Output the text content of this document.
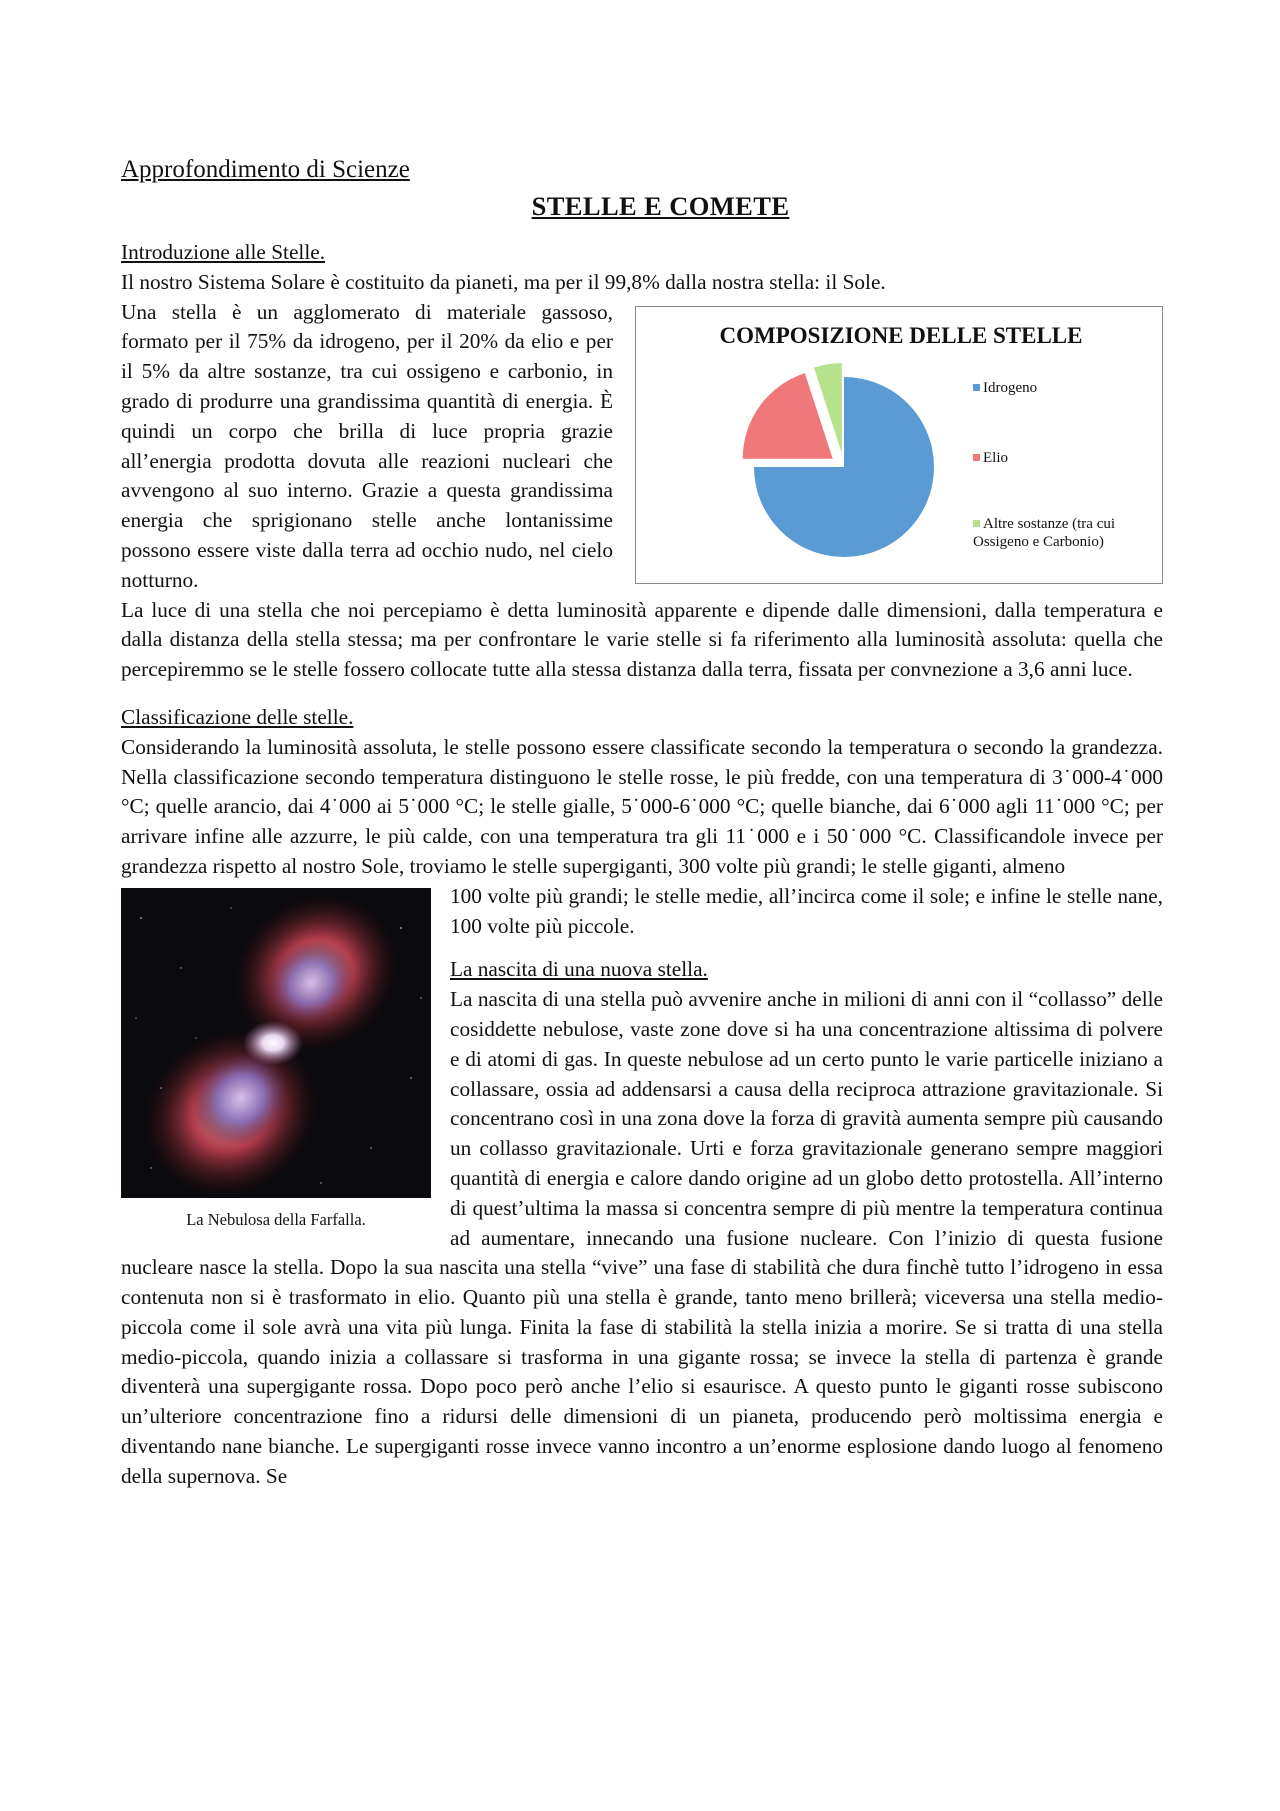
Approfondimento di Scienze

STELLE E COMETE

Introduzione alle Stelle.

Il nostro Sistema Solare è costituito da pianeti, ma per il 99,8% dalla nostra stella: il Sole.

COMPOSIZIONE DELLE STELLE
Idrogeno
Elio
Altre sostanze (tra cui Ossigeno e Carbonio)

Una stella è un agglomerato di materiale gassoso, formato per il 75% da idrogeno, per il 20% da elio e per il 5% da altre sostanze, tra cui ossigeno e carbonio, in grado di produrre una grandissima quantità di energia. È quindi un corpo che brilla di luce propria grazie all’energia prodotta dovuta alle reazioni nucleari che avvengono al suo interno. Grazie a questa grandissima energia che sprigionano stelle anche lontanissime possono essere viste dalla terra ad occhio nudo, nel cielo notturno.

La luce di una stella che noi percepiamo è detta luminosità apparente e dipende dalle dimensioni, dalla temperatura e dalla distanza della stella stessa; ma per confrontare le varie stelle si fa riferimento alla luminosità assoluta: quella che percepiremmo se le stelle fossero collocate tutte alla stessa distanza dalla terra, fissata per convnezione a 3,6 anni luce.

Classificazione delle stelle.

Considerando la luminosità assoluta, le stelle possono essere classificate secondo la temperatura o secondo la grandezza. Nella classificazione secondo temperatura distinguono le stelle rosse, le più fredde, con una temperatura di 3˙000-4˙000 °C; quelle arancio, dai 4˙000 ai 5˙000 °C; le stelle gialle, 5˙000-6˙000 °C; quelle bianche, dai 6˙000 agli 11˙000 °C; per arrivare infine alle azzurre, le più calde, con una temperatura tra gli 11˙000 e i 50˙000 °C. Classificandole invece per grandezza rispetto al nostro Sole, troviamo le stelle supergiganti, 300 volte più grandi; le stelle giganti, almeno

La Nebulosa della Farfalla.

100 volte più grandi; le stelle medie, all’incirca come il sole; e infine le stelle nane, 100 volte più piccole.

La nascita di una nuova stella.

La nascita di una stella può avvenire anche in milioni di anni con il “collasso” delle cosiddette nebulose, vaste zone dove si ha una concentrazione altissima di polvere e di atomi di gas. In queste nebulose ad un certo punto le varie particelle iniziano a collassare, ossia ad addensarsi a causa della reciproca attrazione gravitazionale. Si concentrano così in una zona dove la forza di gravità aumenta sempre più causando un collasso gravitazionale. Urti e forza gravitazionale generano sempre maggiori quantità di energia e calore dando origine ad un globo detto protostella. All’interno di quest’ultima la massa si concentra sempre di più mentre la temperatura continua ad aumentare, innecando una fusione nucleare. Con l’inizio di questa fusione nucleare nasce la stella. Dopo la sua nascita una stella “vive” una fase di stabilità che dura finchè tutto l’idrogeno in essa contenuta non si è trasformato in elio. Quanto più una stella è grande, tanto meno brillerà; viceversa una stella medio-piccola come il sole avrà una vita più lunga. Finita la fase di stabilità la stella inizia a morire. Se si tratta di una stella medio-piccola, quando inizia a collassare si trasforma in una gigante rossa; se invece la stella di partenza è grande diventerà una supergigante rossa. Dopo poco però anche l’elio si esaurisce. A questo punto le giganti rosse subiscono un’ulteriore concentrazione fino a ridursi delle dimensioni di un pianeta, producendo però moltissima energia e diventando nane bianche. Le supergiganti rosse invece vanno incontro a un’enorme esplosione dando luogo al fenomeno della supernova. Se
